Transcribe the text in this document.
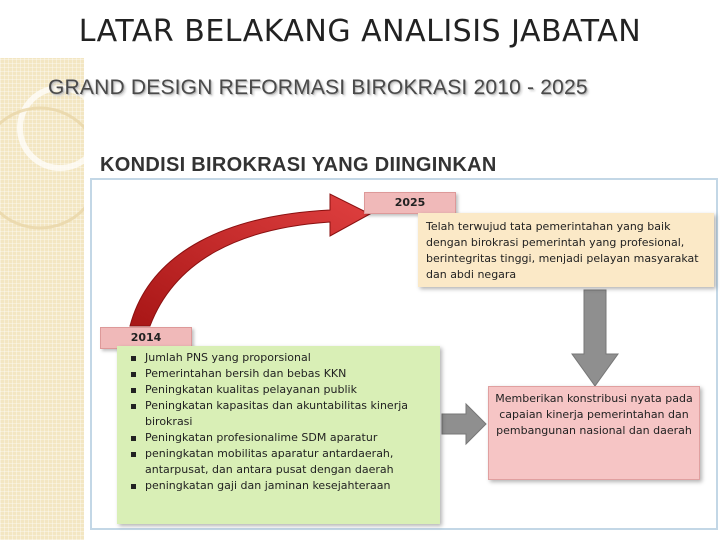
LATAR BELAKANG ANALISIS JABATAN
GRAND DESIGN REFORMASI BIROKRASI 2010 - 2025
KONDISI BIROKRASI YANG DIINGINKAN
2025
Telah terwujud tata pemerintahan yang baik dengan birokrasi pemerintah yang profesional, berintegritas tinggi, menjadi pelayan masyarakat dan abdi negara
2014
Jumlah PNS yang proporsional
Pemerintahan bersih dan bebas KKN
Peningkatan kualitas pelayanan publik
Peningkatan kapasitas dan akuntabilitas kinerja birokrasi
Peningkatan profesionalime SDM aparatur
peningkatan mobilitas aparatur antardaerah, antarpusat, dan antara pusat dengan daerah
peningkatan gaji dan jaminan kesejahteraan
Memberikan konstribusi nyata pada capaian kinerja pemerintahan dan pembangunan nasional dan daerah
